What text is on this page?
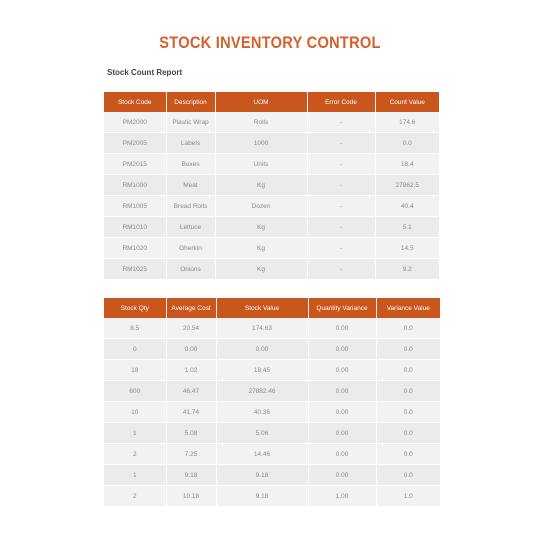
STOCK INVENTORY CONTROL
Stock Count Report
Stock Code	Description	UOM	Error Code	Count Value
PM2000	Plastic Wrap	Rolls	-	174.6
PM2005	Labels	1000	-	0.0
PM2015	Boxes	Units	-	18.4
RM1000	Meat	Kg	-	27862.5
RM1005	Bread Rolls	Dozen	-	40.4
RM1010	Lettuce	Kg	-	5.1
RM1020	Gherkin	Kg	-	14.5
RM1025	Onions	Kg	-	9.2
Stock Qty	Average Cost	Stock Value	Quantity Variance	Variance Value
8.5	20.54	174.63	0.00	0.0
0	0.00	0.00	0.00	0.0
18	1.02	18.45	0.00	0.0
600	46.47	27882.46	0.00	0.0
10	41.74	40.36	0.00	0.0
1	5.08	5.06	0.00	0.0
2	7.25	14.46	0.00	0.0
1	9.18	9.18	0.00	0.0
2	10.18	9.18	1.00	1.0
